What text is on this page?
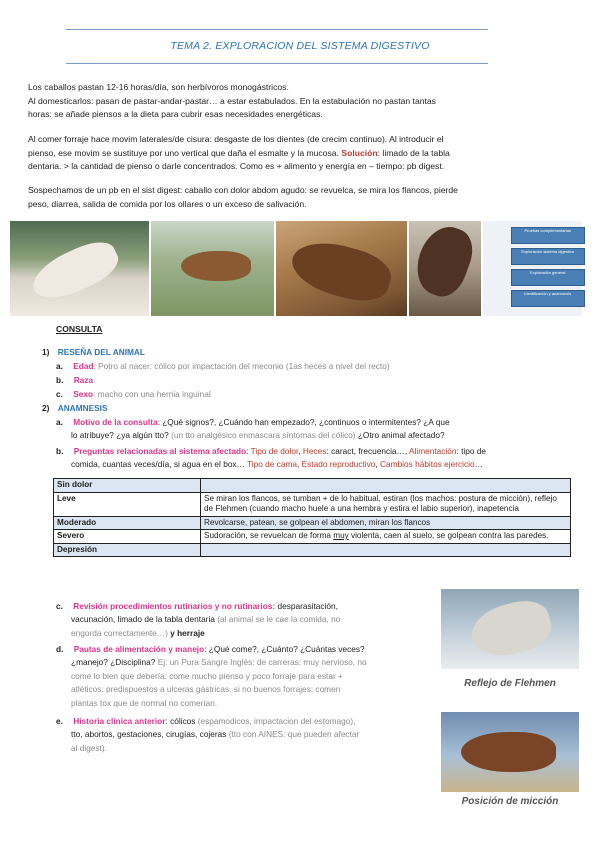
TEMA 2. EXPLORACION DEL SISTEMA DIGESTIVO
Los caballos pastan 12-16 horas/día, son herbívoros monogástricos.
Al domesticarlos: pasan de pastar-andar-pastar… a estar estabulados. En la estabulación no pastan tantas
horas: se añade piensos a la dieta para cubrir esas necesidades energéticas.
Al comer forraje hace movim laterales/de cisura: desgaste de los dientes (de crecim continuo). Al introducir el
pienso, ese movim se sustituye por uno vertical que daña el esmalte y la mucosa. Solución: limado de la tabla
dentaria. > la cantidad de pienso o darle concentrados. Como es + alimento y energía en – tiempo: pb digest.
Sospechamos de un pb en el sist digest: caballo con dolor abdom agudo: se revuelca, se mira los flancos, pierde
peso, diarrea, salida de comida por los ollares o un exceso de salivación.
Pruebas complementarias
Exploración sistema digestivo
Exploración general
Identificación y anamnesis
CONSULTA
1) RESEÑA DEL ANIMAL
a. Edad: Potro al nacer: cólico por impactación del meconio (1as heces a nivel del recto)
b. Raza
c. Sexo: macho con una hernia inguinal
2) ANAMNESIS
a. Motivo de la consulta: ¿Qué signos?, ¿Cuándo han empezado?, ¿continuos o intermitentes? ¿A que
lo atribuye? ¿ya algún tto? (un tto analgésico enmascara síntomas del cólico) ¿Otro animal afectado?
b. Preguntas relacionadas al sistema afectado: Tipo de dolor, Heces: caract, frecuencia…, Alimentación: tipo de
comida, cuantas veces/día, si agua en el box… Tipo de cama, Estado reproductivo, Cambios hábitos ejercicio…
Sin dolor	
Leve	Se miran los flancos, se tumban + de lo habitual, estiran (los machos: postura de micción), reflejo de Flehmen (cuando macho huele a una hembra y estira el labio superior), inapetencia
Moderado	Revolcarse, patean, se golpean el abdomen, miran los flancos
Severo	Sudoración, se revuelcan de forma muy violenta, caen al suelo, se golpean contra las paredes.
Depresión	
c. Revisión procedimientos rutinarios y no rutinarios: desparasitación,
vacunación, limado de la tabla dentaria (al animal se le cae la comida, no
engorda correctamente…) y herraje
d. Pautas de alimentación y manejo: ¿Qué come?, ¿Cuánto? ¿Cuántas veces?
¿manejo? ¿Disciplina? Ej: un Pura Sangre Inglés: de carreras: muy nervioso, no
come lo bien que debería: come mucho pienso y poco forraje para estar +
atléticos: predispuestos a ulceras gástricas. si no buenos forrajes: comen
plantas tox que de normal no comerían.
e. Historia clínica anterior: cólicos (espamodicos, impactacion del estomago),
tto, abortos, gestaciones, cirugías, cojeras (tto con AINES: que pueden afectar
al digest).
Reflejo de Flehmen
Posición de micción
